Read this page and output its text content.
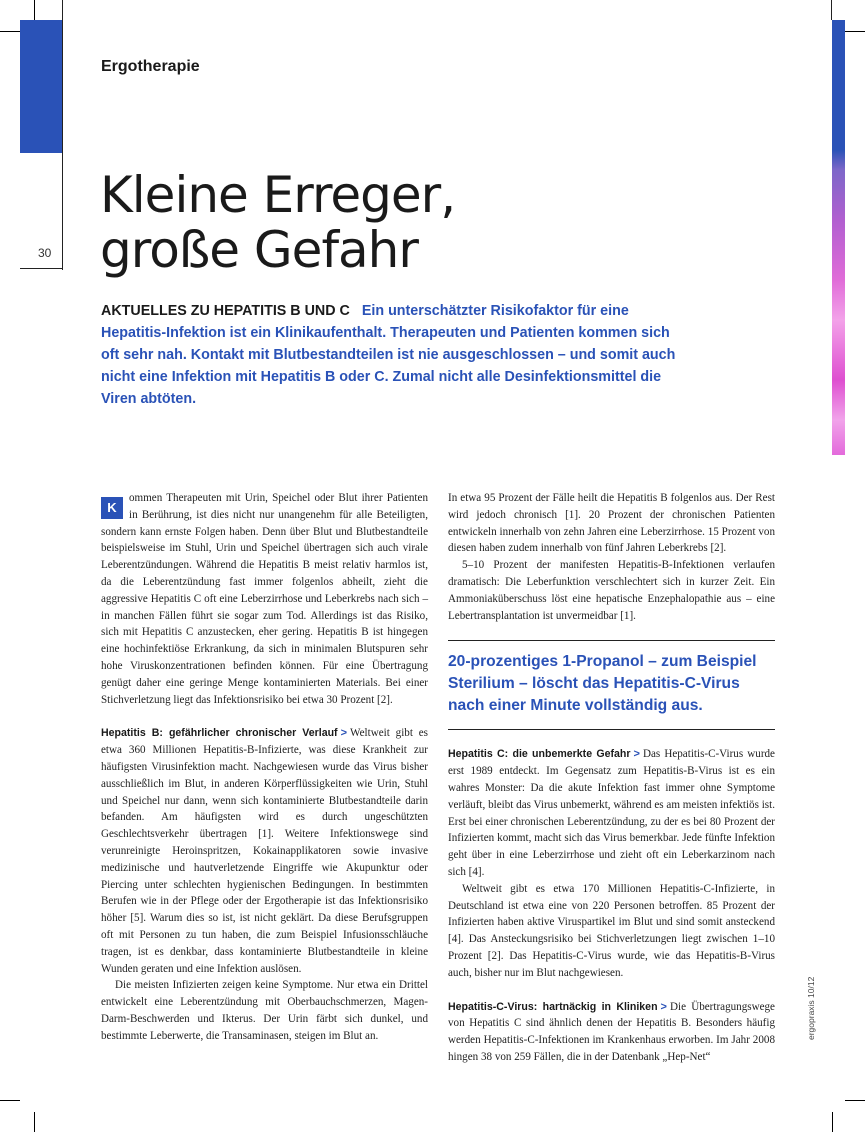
30
Ergotherapie
Kleine Erreger,
große Gefahr

AKTUELLES ZU HEPATITIS B UND C Ein unterschätzter Risikofaktor für eine Hepatitis-Infektion ist ein Klinikaufenthalt. Therapeuten und Patienten kommen sich oft sehr nah. Kontakt mit Blutbestandteilen ist nie ausgeschlossen – und somit auch nicht eine Infektion mit Hepatitis B oder C. Zumal nicht alle Desinfektionsmittel die Viren abtöten.

K
ommen Therapeuten mit Urin, Speichel oder Blut ihrer Patienten in Berührung, ist dies nicht nur unangenehm für alle Beteiligten, sondern kann ernste Folgen haben. Denn über Blut und Blutbestandteile beispielsweise im Stuhl, Urin und Speichel übertragen sich auch virale Leberentzündungen. Während die Hepatitis B meist relativ harmlos ist, da die Leberentzündung fast immer folgenlos abheilt, zieht die aggressive Hepatitis C oft eine Leberzirrhose und Leberkrebs nach sich – in manchen Fällen führt sie sogar zum Tod. Allerdings ist das Risiko, sich mit Hepatitis C anzustecken, eher gering. Hepatitis B ist hingegen eine hochinfektiöse Erkrankung, da sich in minimalen Blutspuren sehr hohe Viruskonzentrationen befinden können. Für eine Übertragung genügt daher eine geringe Menge kontaminierten Materials. Bei einer Stichverletzung liegt das Infektionsrisiko bei etwa 30 Prozent [2].

Hepatitis B: gefährlicher chronischer Verlauf > Weltweit gibt es etwa 360 Millionen Hepatitis-B-Infizierte, was diese Krankheit zur häufigsten Virusinfektion macht. Nachgewiesen wurde das Virus bisher ausschließlich im Blut, in anderen Körperflüssigkeiten wie Urin, Stuhl und Speichel nur dann, wenn sich kontaminierte Blutbestandteile darin befanden. Am häufigsten wird es durch ungeschützten Geschlechtsverkehr übertragen [1]. Weitere Infektionswege sind verunreinigte Heroinspritzen, Kokainapplikatoren sowie invasive medizinische und hautverletzende Eingriffe wie Akupunktur oder Piercing unter schlechten hygienischen Bedingungen. In bestimmten Berufen wie in der Pflege oder der Ergotherapie ist das Infektionsrisiko höher [5]. Warum dies so ist, ist nicht geklärt. Da diese Berufsgruppen oft mit Personen zu tun haben, die zum Beispiel Infusionsschläuche tragen, ist es denkbar, dass kontaminierte Blutbestandteile in kleine Wunden geraten und eine Infektion auslösen.

Die meisten Infizierten zeigen keine Symptome. Nur etwa ein Drittel entwickelt eine Leberentzündung mit Oberbauchschmerzen, Magen-Darm-Beschwerden und Ikterus. Der Urin färbt sich dunkel, und bestimmte Leberwerte, die Transaminasen, steigen im Blut an.

In etwa 95 Prozent der Fälle heilt die Hepatitis B folgenlos aus. Der Rest wird jedoch chronisch [1]. 20 Prozent der chronischen Patienten entwickeln innerhalb von zehn Jahren eine Leberzirrhose. 15 Prozent von diesen haben zudem innerhalb von fünf Jahren Leberkrebs [2].

5–10 Prozent der manifesten Hepatitis-B-Infektionen verlaufen dramatisch: Die Leberfunktion verschlechtert sich in kurzer Zeit. Ein Ammoniaküberschuss löst eine hepatische Enzephalopathie aus – eine Lebertransplantation ist unvermeidbar [1].

20-prozentiges 1-Propanol – zum Beispiel Sterilium – löscht das Hepatitis-C-Virus nach einer Minute vollständig aus.

Hepatitis C: die unbemerkte Gefahr > Das Hepatitis-C-Virus wurde erst 1989 entdeckt. Im Gegensatz zum Hepatitis-B-Virus ist es ein wahres Monster: Da die akute Infektion fast immer ohne Symptome verläuft, bleibt das Virus unbemerkt, während es am meisten infektiös ist. Erst bei einer chronischen Leberentzündung, zu der es bei 80 Prozent der Infizierten kommt, macht sich das Virus bemerkbar. Jede fünfte Infektion geht über in eine Leberzirrhose und zieht oft ein Leberkarzinom nach sich [4].

Weltweit gibt es etwa 170 Millionen Hepatitis-C-Infizierte, in Deutschland ist etwa eine von 220 Personen betroffen. 85 Prozent der Infizierten haben aktive Viruspartikel im Blut und sind somit ansteckend [4]. Das Ansteckungsrisiko bei Stichverletzungen liegt zwischen 1–10 Prozent [2]. Das Hepatitis-C-Virus wurde, wie das Hepatitis-B-Virus auch, bisher nur im Blut nachgewiesen.

Hepatitis-C-Virus: hartnäckig in Kliniken > Die Übertragungswege von Hepatitis C sind ähnlich denen der Hepatitis B. Besonders häufig werden Hepatitis-C-Infektionen im Krankenhaus erworben. Im Jahr 2008 hingen 38 von 259 Fällen, die in der Datenbank „Hep-Net“

ergopraxis 10/12
